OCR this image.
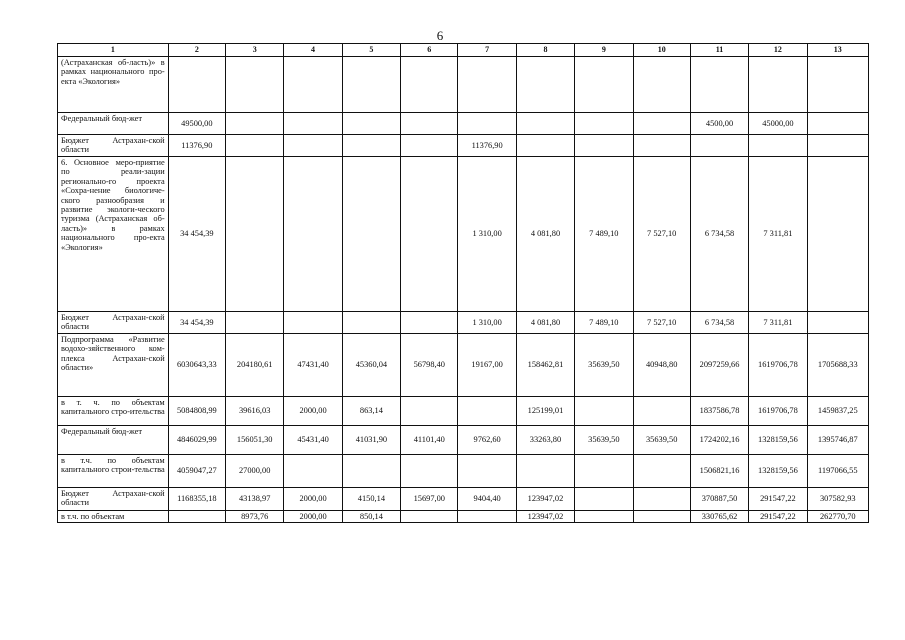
6
1	2	3	4	5	6	7	8	9	10	11	12	13
(Астраханская об-ласть)» в рамках национального про-екта «Экология»												
Федеральный бюд-жет	49500,00									4500,00	45000,00	
Бюджет Астрахан-ской области	11376,90					11376,90						
6. Основное меро-приятие по реали-зации регионально-го проекта «Сохра-нение биологиче-ского разнообразия и развитие экологи-ческого туризма (Астраханская об-ласть)» в рамках национального про-екта «Экология»	34 454,39					1 310,00	4 081,80	7 489,10	7 527,10	6 734,58	7 311,81	
Бюджет Астрахан-ской области	34 454,39					1 310,00	4 081,80	7 489,10	7 527,10	6 734,58	7 311,81	
Подпрограмма «Развитие водохо-зяйственного ком-плекса Астрахан-ской области»	6030643,33	204180,61	47431,40	45360,04	56798,40	19167,00	158462,81	35639,50	40948,80	2097259,66	1619706,78	1705688,33
в т. ч. по объектам капитального стро-ительства	5084808,99	39616,03	2000,00	863,14			125199,01			1837586,78	1619706,78	1459837,25
Федеральный бюд-жет	4846029,99	156051,30	45431,40	41031,90	41101,40	9762,60	33263,80	35639,50	35639,50	1724202,16	1328159,56	1395746,87
в т.ч. по объектам капитального строи-тельства	4059047,27	27000,00								1506821,16	1328159,56	1197066,55
Бюджет Астрахан-ской области	1168355,18	43138,97	2000,00	4150,14	15697,00	9404,40	123947,02			370887,50	291547,22	307582,93
в т.ч. по объектам		8973,76	2000,00	850,14			123947,02			330765,62	291547,22	262770,70
